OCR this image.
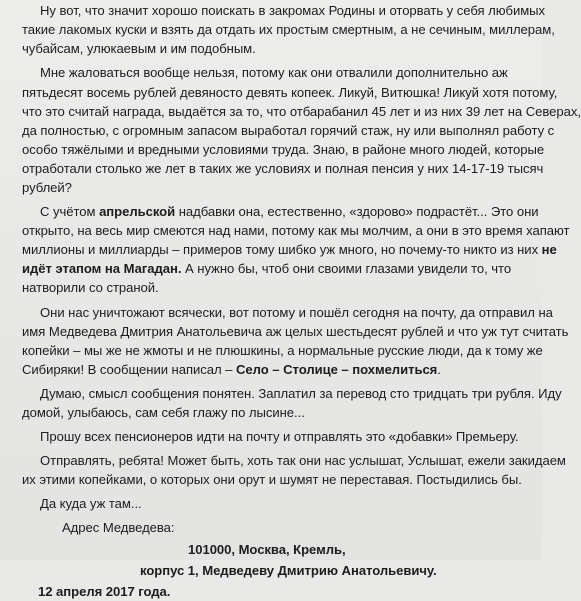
Ну вот, что значит хорошо поискать в закромах Родины и оторвать у себя любимых
такие лакомых куски и взять да отдать их простым смертным, а не сечиным, миллерам,
чубайсам, улюкаевым и им подобным.
Мне жаловаться вообще нельзя, потому как они отвалили дополнительно аж
пятьдесят восемь рублей девяносто девять копеек. Ликуй, Витюшка! Ликуй хотя потому,
что это считай награда, выдаётся за то, что отбарабанил 45 лет и из них 39 лет на Северах,
да полностью, с огромным запасом выработал горячий стаж, ну или выполнял работу с
особо тяжёлыми и вредными условиями труда. Знаю, в районе много людей, которые
отработали столько же лет в таких же условиях и полная пенсия у них 14-17-19 тысяч
рублей?
С учётом апрельской надбавки она, естественно, «здорово» подрастёт... Это они
открыто, на весь мир смеются над нами, потому как мы молчим, а они в это время хапают
миллионы и миллиарды – примеров тому шибко уж много, но почему-то никто из них не
идёт этапом на Магадан. А нужно бы, чтоб они своими глазами увидели то, что
натворили со страной.
Они нас уничтожают всячески, вот потому и пошёл сегодня на почту, да отправил на
имя Медведева Дмитрия Анатольевича аж целых шестьдесят рублей и что уж тут считать
копейки – мы же не жмоты и не плюшкины, а нормальные русские люди, да к тому же
Сибиряки! В сообщении написал – Село – Столице – похмелиться.
Думаю, смысл сообщения понятен. Заплатил за перевод сто тридцать три рубля. Иду
домой, улыбаюсь, сам себя глажу по лысине...
Прошу всех пенсионеров идти на почту и отправлять это «добавки» Премьеру.
Отправлять, ребята! Может быть, хоть так они нас услышат, Услышат, ежели закидаем
их этими копейками, о которых они орут и шумят не переставая. Постыдились бы.
Да куда уж там...
Адрес Медведева:
101000, Москва, Кремль,
корпус 1, Медведеву Дмитрию Анатольевичу.
12 апреля 2017 года.
